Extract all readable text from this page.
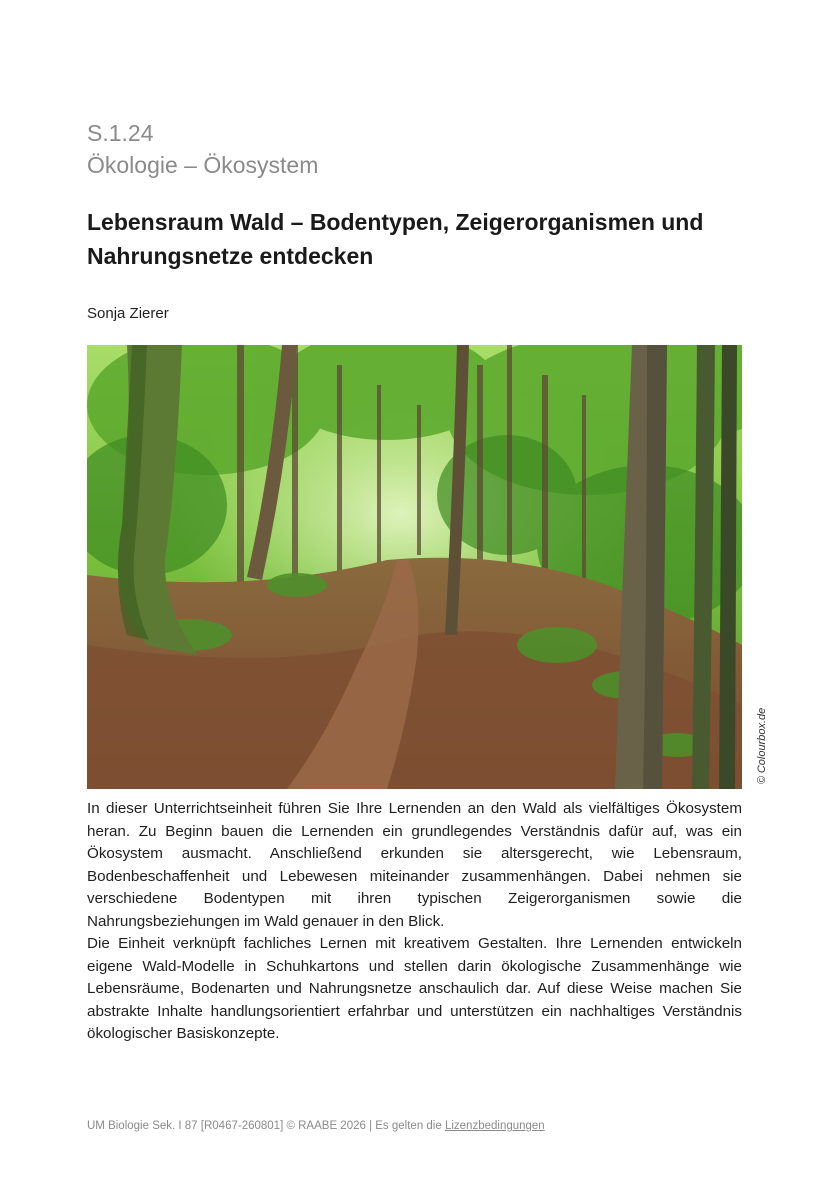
S.1.24
Ökologie – Ökosystem
Lebensraum Wald – Bodentypen, Zeigerorganismen und Nahrungsnetze entdecken
Sonja Zierer
© Colourbox.de

In dieser Unterrichtseinheit führen Sie Ihre Lernenden an den Wald als vielfältiges Ökosystem heran. Zu Beginn bauen die Lernenden ein grundlegendes Verständnis dafür auf, was ein Ökosystem ausmacht. Anschließend erkunden sie altersgerecht, wie Lebensraum, Bodenbeschaffenheit und Lebewesen miteinander zusammenhängen. Dabei nehmen sie verschiedene Bodentypen mit ihren typischen Zeigerorganismen sowie die Nahrungsbeziehungen im Wald genauer in den Blick.

Die Einheit verknüpft fachliches Lernen mit kreativem Gestalten. Ihre Lernenden entwickeln eigene Wald-Modelle in Schuhkartons und stellen darin ökologische Zusammenhänge wie Lebensräume, Bodenarten und Nahrungsnetze anschaulich dar. Auf diese Weise machen Sie abstrakte Inhalte handlungsorientiert erfahrbar und unterstützen ein nachhaltiges Verständnis ökologischer Basiskonzepte.

UM Biologie Sek. I 87 [R0467-260801] © RAABE 2026 | Es gelten die Lizenzbedingungen
